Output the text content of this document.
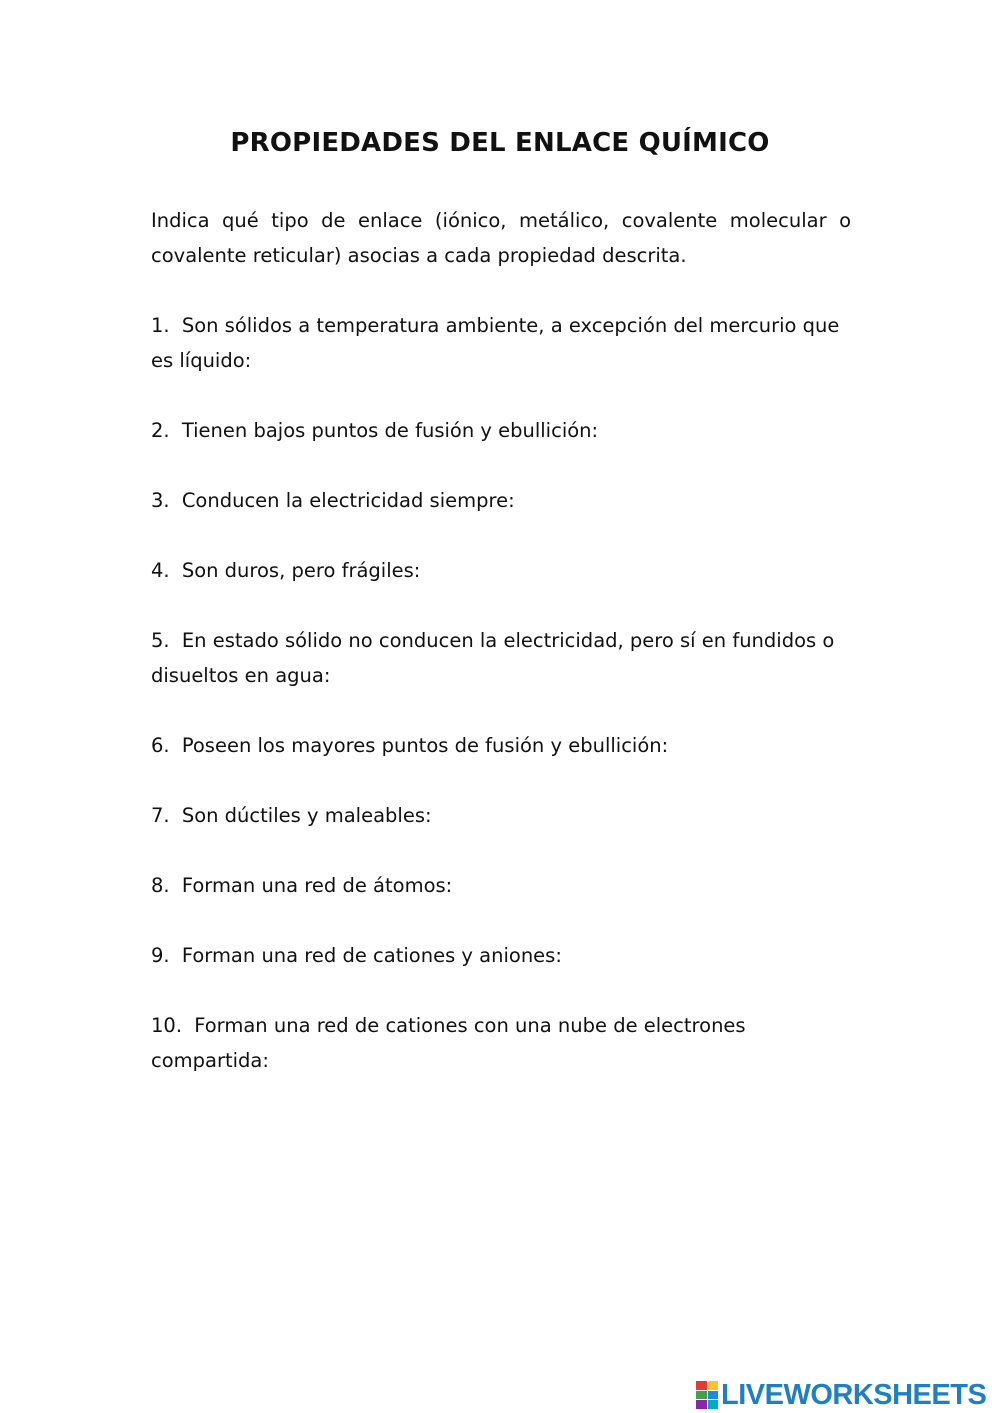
PROPIEDADES DEL ENLACE QUÍMICO

Indica qué tipo de enlace (iónico, metálico, covalente molecular o covalente reticular) asocias a cada propiedad descrita.

1. Son sólidos a temperatura ambiente, a excepción del mercurio que es líquido:

2. Tienen bajos puntos de fusión y ebullición:

3. Conducen la electricidad siempre:

4. Son duros, pero frágiles:

5. En estado sólido no conducen la electricidad, pero sí en fundidos o disueltos en agua:

6. Poseen los mayores puntos de fusión y ebullición:

7. Son dúctiles y maleables:

8. Forman una red de átomos:

9. Forman una red de cationes y aniones:

10. Forman una red de cationes con una nube de electrones compartida:

LIVEWORKSHEETS
